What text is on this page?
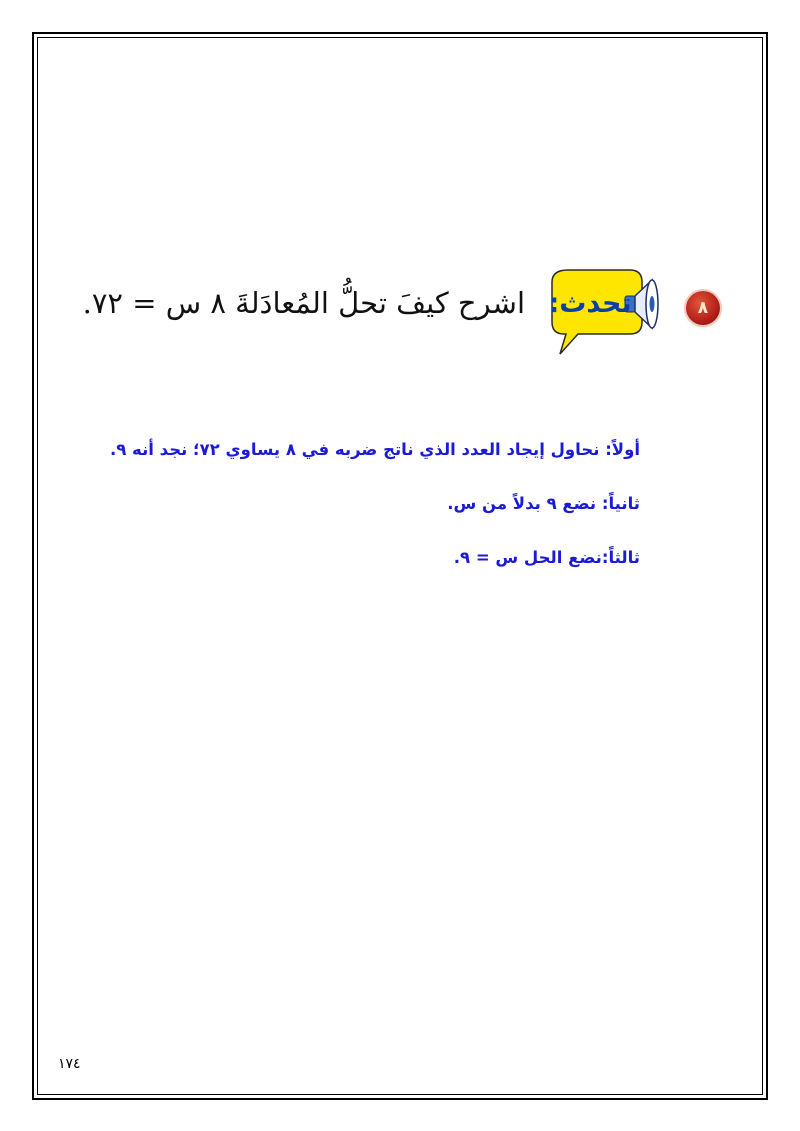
٨
تحدث:
اشرح كيفَ تحلُّ المُعادَلةَ ٨ س = ٧٢.
أولاً: نحاول إيجاد العدد الذي ناتج ضربه في ٨ يساوي ٧٢؛ نجد أنه ٩.
ثانياً: نضع ٩ بدلاً من س.
ثالثاً:نضع الحل س = ٩.
١٧٤
